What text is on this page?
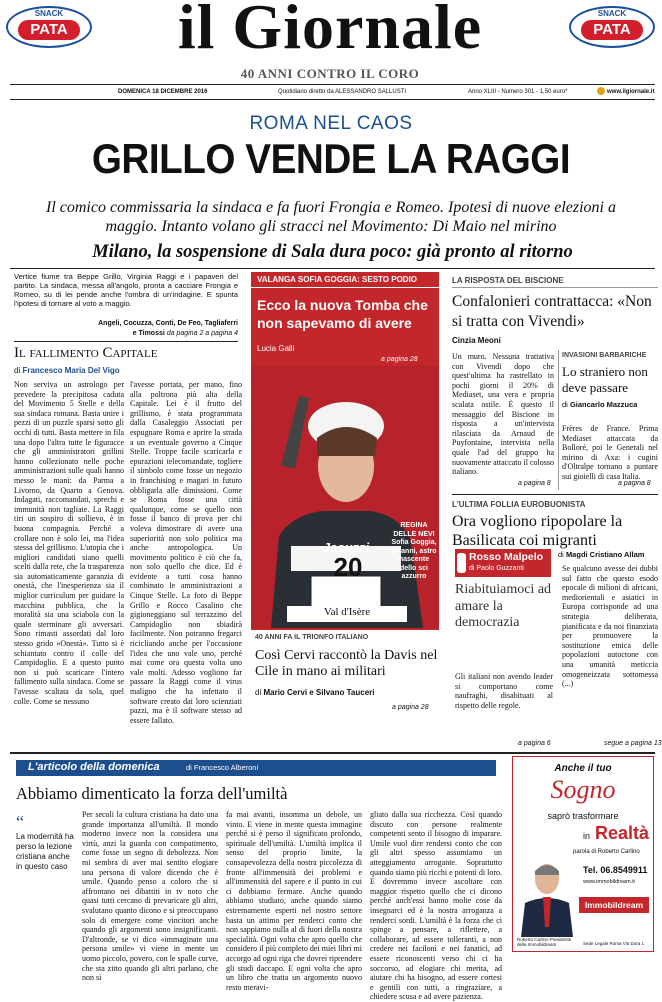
SNACK
PATA
SNACK
PATA
il Giornale
40 ANNI CONTRO IL CORO
DOMENICA 18 DICEMBRE 2016	Quotidiano diretto da ALESSANDRO SALLUSTI	Anno XLIII - Numero 301 - 1,50 euro*	www.ilgiornale.it
ROMA NEL CAOS
GRILLO VENDE LA RAGGI
Il comico commissaria la sindaca e fa fuori Frongia e Romeo. Ipotesi di nuove elezioni a maggio. Intanto volano gli stracci nel Movimento: Di Maio nel mirino
Milano, la sospensione di Sala dura poco: già pronto al ritorno
Vertice fiume tra Beppe Grillo, Virginia Raggi e i papaveri del partito. La sindaca, messa all'angolo, pronta a cacciare Frongia e Romeo, su di lei pende anche l'ombra di un'indagine. E spunta l'ipotesi di tornare al voto a maggio.
Angeli, Cocuzza, Conti, De Feo, Tagliaferri
e Timossi da pagina 2 a pagina 4
Il fallimento Capitale
di Francesco Maria Del Vigo
Non serviva un astrologo per prevedere la precipitosa caduta del Movimento 5 Stelle e della sua sindaca romana. Basta unire i pezzi di un puzzle sparsi sotto gli occhi di tutti. Basta mettere in fila una dopo l'altra tutte le figuracce che gli amministratori grillini hanno collezionato nelle poche amministrazioni sulle quali hanno messo le mani: da Parma a Livorno, da Quarto a Genova. Indagati, raccomandati, sprechi e immunità non tagliate. La Raggi tiri un sospiro di sollievo, è in buona compagnia. Perché a crollare non è solo lei, ma l'idea stessa del grillismo. L'utopia che i migliori candidati siano quelli scelti dalla rete, che la trasparenza sia automaticamente garanzia di onestà, che l'inesperienza sia il miglior curriculum per guidare la macchina pubblica, che la moralità sia una sciabola con la quale sterminare gli avversari. Sono rimasti assordati dal loro stesso grido «Onestà». Tutto si è schiantato contro il colle del Campidoglio. E a questo punto non si può scaricare l'intero fallimento sulla sindaca. Come se l'avesse scaltata da sola, quel colle. Come se nessuno
l'avesse portata, per mano, fino alla poltrona più alta della Capitale. Lei è il frutto del grillismo, è stata programmata dalla Casaleggio Associati per espugnare Roma e aprire la strada a un eventuale governo a Cinque Stelle. Troppe facile scaricarla e epurazioni telecomandate, togliere il simbolo come fosse un negozio in franchising e magari in futuro obbligarla alle dimissioni. Come se Roma fosse una città qualunque, come se quello non fosse il banco di prova per chi voleva dimostrare di avere una superiorità non solo politica ma anche antropologica. Un movimento politico è ciò che fa, non solo quello che dice. Ed è evidente a tutti cosa hanno combinato le amministrazioni a Cinque Stelle. La foto di Beppe Grillo e Rocco Casalino che gigioneggiano sul terrazzino del Campidoglio non sbiadirà facilmente. Non potranno fregarci ricicliando anche per l'occasione l'idea che uno vale uno, perché mai come ora questa volta uno vale molti. Adesso vogliono far passare la Raggi come il virus maligno che ha infettato il software creato dai loro scienziati pazzi, ma è il software stesso ad essere fallato.
VALANGA SOFIA GOGGIA: SESTO PODIO
Ecco la nuova Tomba che non sapevamo di avere
Lucia Galli
a pagina 28
20
Jacuzzi
Val d'Isère
REGINA DELLE NEVI Sofia Goggia, 24 anni, astro nascente dello sci azzurro
40 ANNI FA IL TRIONFO ITALIANO
Così Cervi raccontò la Davis nel Cile in mano ai militari
di Mario Cervi e Silvano Tauceri
a pagina 28
LA RISPOSTA DEL BISCIONE
Confalonieri contrattacca: «Non si tratta con Vivendi»
Cinzia Meoni
Un muro. Nessuna trattativa con Vivendi dopo che quest'ultima ha rastrellato in pochi giorni il 20% di Mediaset, una vera e propria scalata ostile. È questo il messaggio del Biscione in risposta a un'intervista rilasciata da Arnaud de Puyfontaine, intervista nella quale l'ad del gruppo ha nuovamente attaccato il colosso italiano.
a pagina 8
INVASIONI BARBARICHE
Lo straniero non deve passare
di Giancarlo Mazzuca
Frères de France. Prima Mediaset attaccata da Bolloré, poi le Generali nel mirino di Axa: i cugini d'Oltralpe tornano a puntare sui gioielli di casa Italia.
a pagina 8
L'ULTIMA FOLLIA EUROBUONISTA
Ora vogliono ripopolare la Basilicata coi migranti
di Magdi Cristiano Allam
Se qualcuno avesse dei dubbi sul fatto che questo esodo epocale di milioni di africani, mediorientali e asiatici in Europa corrisponde ad una strategia deliberata, pianificata e da noi finanziata per promuovere la sostituzione etnica delle popolazioni autoctone con una umanità meticcia omogeneizzata sottomessa (...)
segue a pagina 13
Rosso Malpelo
di Paolo Guzzanti
Riabituiamoci ad amare la democrazia
Gli italiani non avendo leader si comportano come naufraghi, disabituati al rispetto delle regole.
a pagina 6
L'articolo della domenica	di Francesco Alberoni
Abbiamo dimenticato la forza dell'umiltà
“
La modernità ha perso la lezione cristiana anche in questo caso
Per secoli la cultura cristiana ha dato una grande importanza all'umiltà. Il mondo moderno invece non la considera una virtù, anzi la guarda con compatimento, come fosse un segno di debolezza. Non mi sembra di aver mai sentito elogiare una persona di valore dicendo che è umile. Quando penso a coloro che si affrontano nei dibattiti in tv noto che quasi tutti cercano di prevaricare gli altri, svalutano quanto dicono e si preoccupano solo di emergere come vincitori anche quando gli argomenti sono insignificanti. D'altronde, se vi dico «immaginate una persona umile» vi viene in mente un uomo piccolo, povero, con le spalle curve, che sta zitto quando gli altri parlano, che non si
fa mai avanti, insomma un debole, un vinto. E viene in mente questa immagine perché si è perso il significato profondo, spirituale dell'umiltà. L'umiltà implica il senso del proprio limite, la consapevolezza della nostra piccolezza di fronte all'immensità dei problemi e all'immensità del sapere e il punto in cui ci dobbiamo fermare. Anche quando abbiamo studiato, anche quando siamo estremamente esperti nel nostro settore basta un attimo per renderci conto che non sappiamo nulla al di fuori della nostra specialità. Ogni volta che apro quello che considero il più completo dei miei libri mi accorgo ad ogni riga che dovrei riprendere gli studi daccapo. E ogni volta che apro un libro che tratta un argomento nuovo resto meravi-
gliato dalla sua ricchezza. Così quando discuto con persone realmente competenti sento il bisogno di imparare. Umile vuol dire rendersi conto che con gli altri spesso assumiamo un atteggiamento arrogante. Soprattutto quando siamo più ricchi e potenti di loro. E dovremmo invece ascoltare con maggior rispetto quello che ci dicono perché anch'essi hanno molte cose da insegnarci ed è la nostra arroganza a renderci sordi. L'umiltà è la forza che ci spinge a pensare, a riflettere, a collaborare, ad essere tolleranti, a non credere nei facilonì e nei fanatici, ad essere riconoscenti verso chi ci ha soccorso, ad elogiare chi merita, ad aiutare chi ha bisogno, ad essere cortesi e gentili con tutti, a ringraziare, a chiedere scusa e ad avere pazienza.
Anche il tuo
Sogno
saprò trasformare
in Realtà
parola di Roberto Carlino
Tel. 06.8549911
www.immobildream.it
Immobildream
Roberto Carlino Presidente della Immobildream	Sede Legale Roma Via Dora 1
